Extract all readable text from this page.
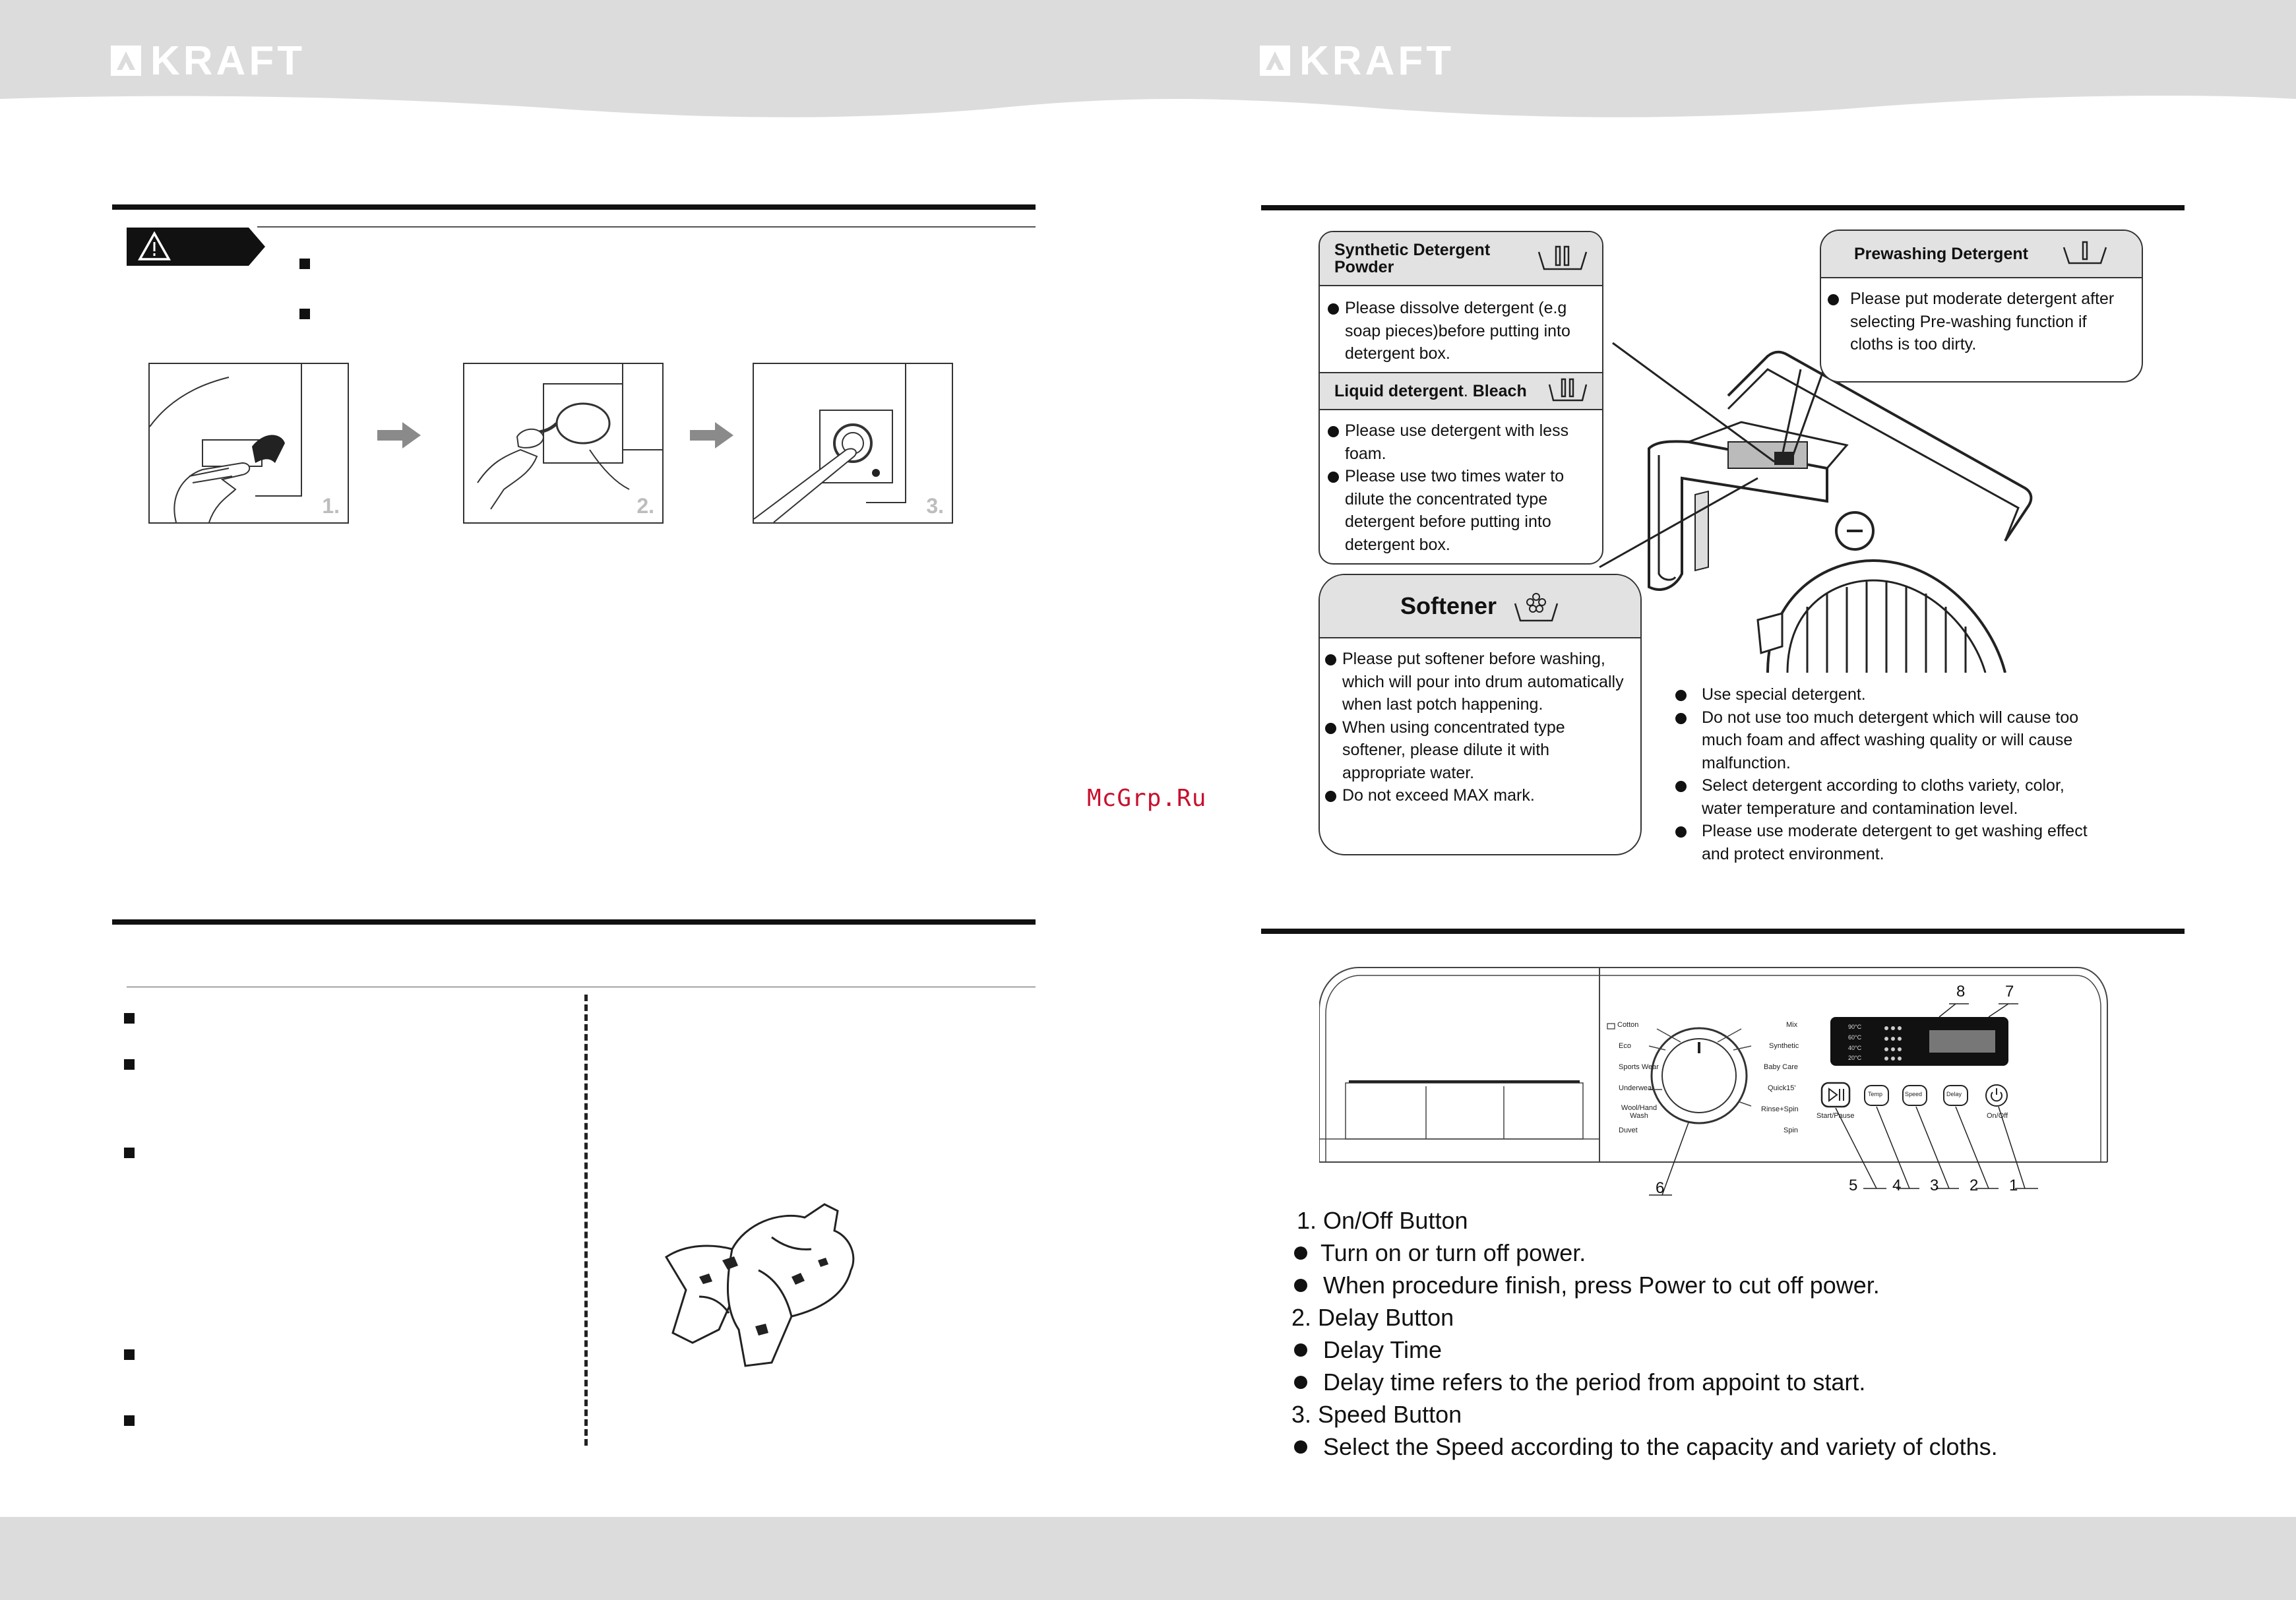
KRAFT	KRAFT
1.	2.	3.
McGrp.Ru
Synthetic Detergent Powder
Please dissolve detergent (e.g soap pieces)before putting into detergent box.
Liquid detergent. Bleach
Please use detergent with less foam.
Please use two times water to dilute the concentrated type detergent before putting into detergent box.
Softener
Please put softener before washing, which will pour into drum automatically when last potch happening.
When using concentrated type softener, please dilute it with appropriate water.
Do not exceed MAX mark.
Prewashing Detergent
Please put moderate detergent after selecting Pre-washing function if cloths is too dirty.
Use special detergent.
Do not use too much detergent which will cause too much foam and affect washing quality or will cause malfunction.
Select detergent according to cloths variety, color, water temperature and contamination level.
Please use moderate detergent to get washing effect and protect environment.
Cotton
Eco
Sports Wear
Underwear
Wool/Hand Wash
Duvet
Mix
Synthetic
Baby Care
Quick15'
Rinse+Spin
Spin
90°C
60°C
40°C
20°C
Start/Pause
Temp	Speed	Delay
On/Off
8	7
6	5 4 3 2 1
1. On/Off Button
Turn on or turn off power.
When procedure finish, press Power to cut off power.
2. Delay Button
Delay Time
Delay time refers to the period from appoint to start.
3. Speed Button
Select the Speed according to the capacity and variety of cloths.
